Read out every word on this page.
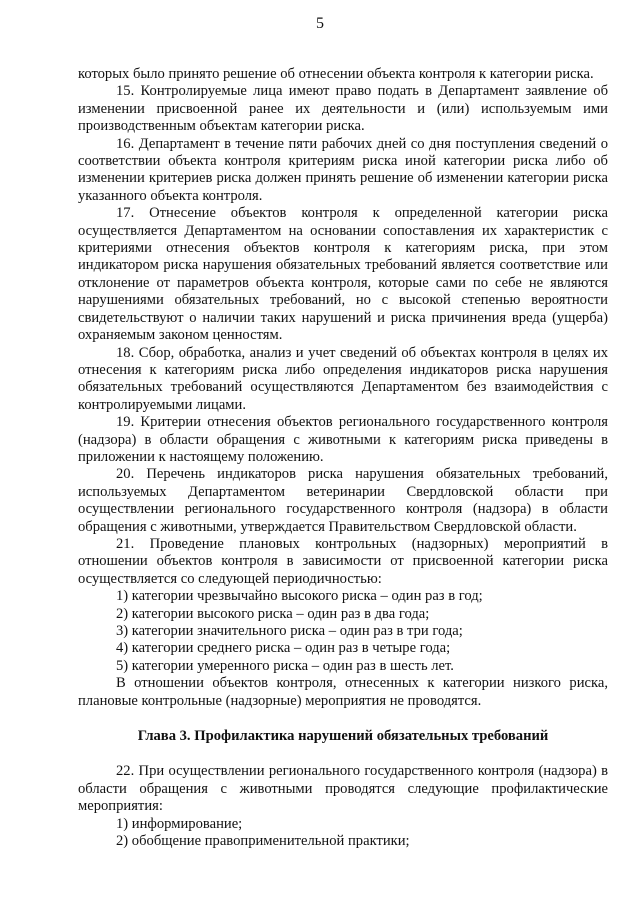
5

которых было принято решение об отнесении объекта контроля к категории риска.

15. Контролируемые лица имеют право подать в Департамент заявление об изменении присвоенной ранее их деятельности и (или) используемым ими производственным объектам категории риска.

16. Департамент в течение пяти рабочих дней со дня поступления сведений о соответствии объекта контроля критериям риска иной категории риска либо об изменении критериев риска должен принять решение об изменении категории риска указанного объекта контроля.

17. Отнесение объектов контроля к определенной категории риска осуществляется Департаментом на основании сопоставления их характеристик с критериями отнесения объектов контроля к категориям риска, при этом индикатором риска нарушения обязательных требований является соответствие или отклонение от параметров объекта контроля, которые сами по себе не являются нарушениями обязательных требований, но с высокой степенью вероятности свидетельствуют о наличии таких нарушений и риска причинения вреда (ущерба) охраняемым законом ценностям.

18. Сбор, обработка, анализ и учет сведений об объектах контроля в целях их отнесения к категориям риска либо определения индикаторов риска нарушения обязательных требований осуществляются Департаментом без взаимодействия с контролируемыми лицами.

19. Критерии отнесения объектов регионального государственного контроля (надзора) в области обращения с животными к категориям риска приведены в приложении к настоящему положению.

20. Перечень индикаторов риска нарушения обязательных требований, используемых Департаментом ветеринарии Свердловской области при осуществлении регионального государственного контроля (надзора) в области обращения с животными, утверждается Правительством Свердловской области.

21. Проведение плановых контрольных (надзорных) мероприятий в отношении объектов контроля в зависимости от присвоенной категории риска осуществляется со следующей периодичностью:

1) категории чрезвычайно высокого риска – один раз в год;

2) категории высокого риска – один раз в два года;

3) категории значительного риска – один раз в три года;

4) категории среднего риска – один раз в четыре года;

5) категории умеренного риска – один раз в шесть лет.

В отношении объектов контроля, отнесенных к категории низкого риска, плановые контрольные (надзорные) мероприятия не проводятся.

Глава 3. Профилактика нарушений обязательных требований

22. При осуществлении регионального государственного контроля (надзора) в области обращения с животными проводятся следующие профилактические мероприятия:

1) информирование;

2) обобщение правоприменительной практики;
